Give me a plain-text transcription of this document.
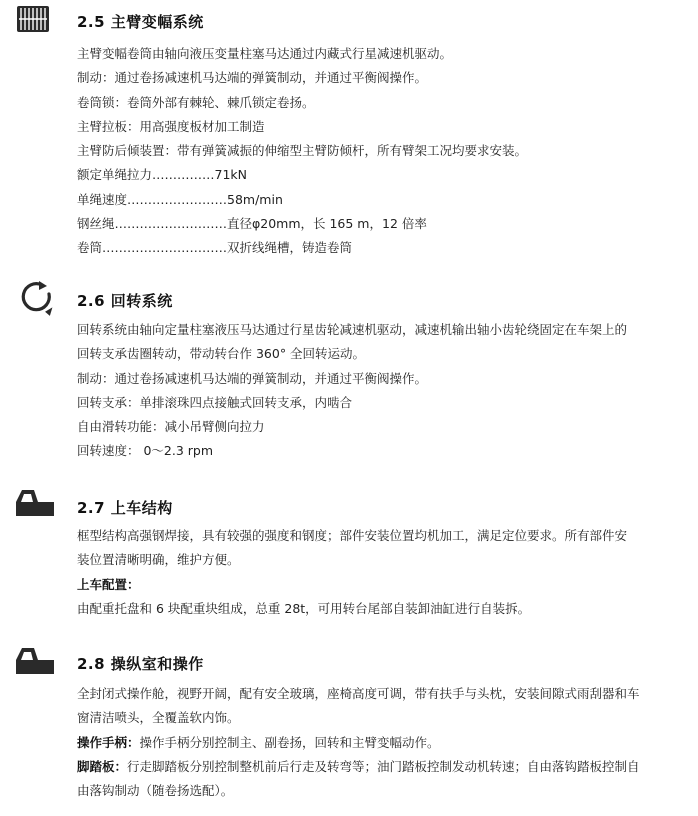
2.5 主臂变幅系统
主臂变幅卷筒由轴向液压变量柱塞马达通过内藏式行星减速机驱动。
制动：通过卷扬减速机马达端的弹簧制动，并通过平衡阀操作。
卷筒锁：卷筒外部有棘轮、棘爪锁定卷扬。
主臂拉板：用高强度板材加工制造
主臂防后倾装置：带有弹簧减振的伸缩型主臂防倾杆，所有臂架工况均要求安装。
额定单绳拉力……………71kN
单绳速度……………………58m/min
钢丝绳………………………直径φ20mm，长 165 m，12 倍率
卷筒…………………………双折线绳槽，铸造卷筒
2.6 回转系统
回转系统由轴向定量柱塞液压马达通过行星齿轮减速机驱动，减速机输出轴小齿轮绕固定在车架上的回转支承齿圈转动，带动转台作 360° 全回转运动。
制动：通过卷扬减速机马达端的弹簧制动，并通过平衡阀操作。
回转支承：单排滚珠四点接触式回转支承，内啮合
自由滑转功能：减小吊臂侧向拉力
回转速度： 0～2.3 rpm
2.7 上车结构
框型结构高强钢焊接，具有较强的强度和钢度；部件安装位置均机加工，满足定位要求。所有部件安装位置清晰明确，维护方便。
上车配置：
由配重托盘和 6 块配重块组成，总重 28t，可用转台尾部自装卸油缸进行自装拆。
2.8 操纵室和操作
全封闭式操作舱，视野开阔，配有安全玻璃，座椅高度可调，带有扶手与头枕，安装间隙式雨刮器和车窗清洁喷头，全覆盖软内饰。
操作手柄：操作手柄分别控制主、副卷扬，回转和主臂变幅动作。
脚踏板：行走脚踏板分别控制整机前后行走及转弯等；油门踏板控制发动机转速；自由落钩踏板控制自由落钩制动（随卷扬选配）。
